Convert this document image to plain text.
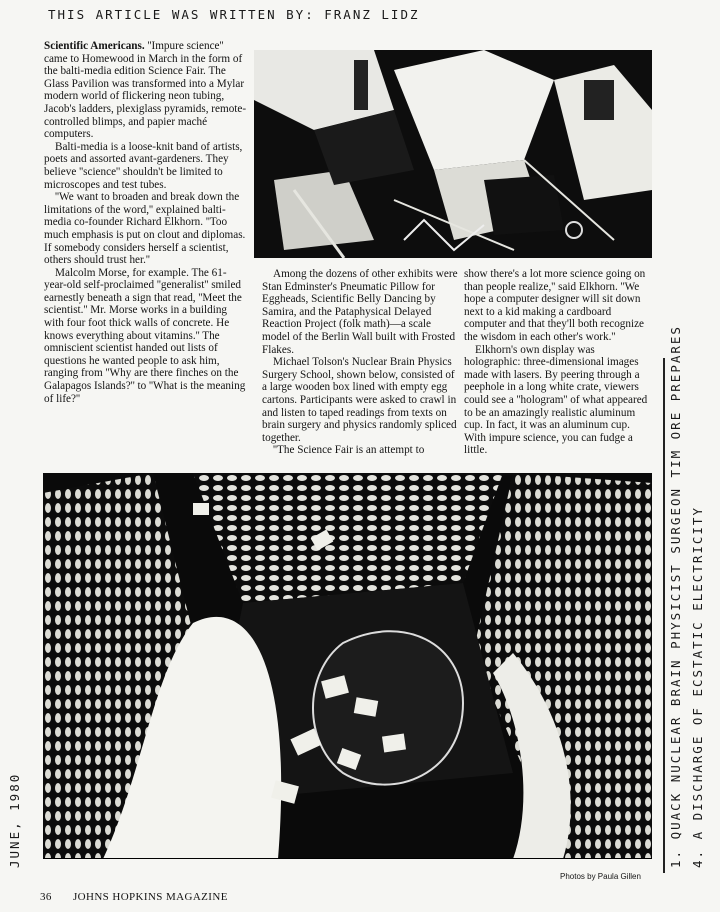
THIS ARTICLE WAS WRITTEN BY: FRANZ LIDZ
JUNE, 1980	1. QUACK NUCLEAR BRAIN PHYSICIST SURGEON TIM ORE PREPARES 4. A DISCHARGE OF ECSTATIC ELECTRICITY

Scientific Americans. ''Impure science'' came to Homewood in March in the form of the balti-media edition Science Fair. The Glass Pavilion was transformed into a Mylar modern world of flickering neon tubing, Jacob's ladders, plexiglass pyramids, remote-controlled blimps, and papier maché computers.

Balti-media is a loose-knit band of artists, poets and assorted avant-gardeners. They believe ''science'' shouldn't be limited to microscopes and test tubes.

''We want to broaden and break down the limitations of the word,'' explained balti-media co-founder Richard Elkhorn. ''Too much emphasis is put on clout and diplomas. If somebody considers herself a scientist, others should trust her.''

Malcolm Morse, for example. The 61-year-old self-proclaimed ''generalist'' smiled earnestly beneath a sign that read, ''Meet the scientist.'' Mr. Morse works in a building with four foot thick walls of concrete. He knows everything about vitamins.'' The omniscient scientist handed out lists of questions he wanted people to ask him, ranging from ''Why are there finches on the Galapagos Islands?'' to ''What is the meaning of life?''

Among the dozens of other exhibits were Stan Edminster's Pneumatic Pillow for Eggheads, Scientific Belly Dancing by Samira, and the Pataphysical Delayed Reaction Project (folk math)—a scale model of the Berlin Wall built with Frosted Flakes.

Michael Tolson's Nuclear Brain Physics Surgery School, shown below, consisted of a large wooden box lined with empty egg cartons. Participants were asked to crawl in and listen to taped readings from texts on brain surgery and physics randomly spliced together.

''The Science Fair is an attempt to

show there's a lot more science going on than people realize,'' said Elkhorn. ''We hope a computer designer will sit down next to a kid making a cardboard computer and that they'll both recognize the wisdom in each other's work.''

Elkhorn's own display was holographic: three-dimensional images made with lasers. By peering through a peephole in a long white crate, viewers could see a ''hologram'' of what appeared to be an amazingly realistic aluminum cup. In fact, it was an aluminum cup. With impure science, you can fudge a little.

Photos by Paula Gillen
36 JOHNS HOPKINS MAGAZINE
